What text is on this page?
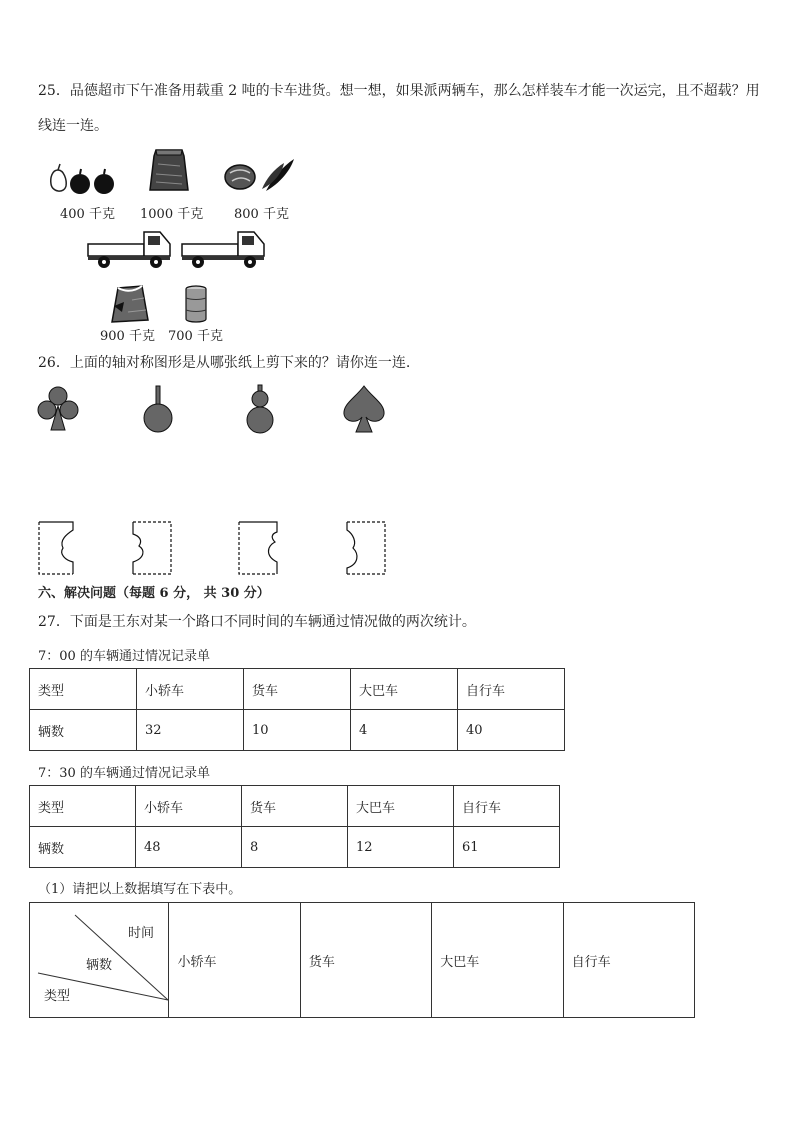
25．品德超市下午准备用载重 2 吨的卡车进货。想一想，如果派两辆车，那么怎样装车才能一次运完，且不超载？用
线连一连。
400 千克 1000 千克 800 千克
900 千克 700 千克
26．上面的轴对称图形是从哪张纸上剪下来的？请你连一连.
六、解决问题（每题 6 分， 共 30 分）
27．下面是王东对某一个路口不同时间的车辆通过情况做的两次统计。
7：00 的车辆通过情况记录单
类型	小轿车	货车	大巴车	自行车
辆数	32	10	4	40
7：30 的车辆通过情况记录单
类型	小轿车	货车	大巴车	自行车
辆数	48	8	12	61
（1）请把以上数据填写在下表中。
时间
辆数
类型
	小轿车	货车	大巴车	自行车
